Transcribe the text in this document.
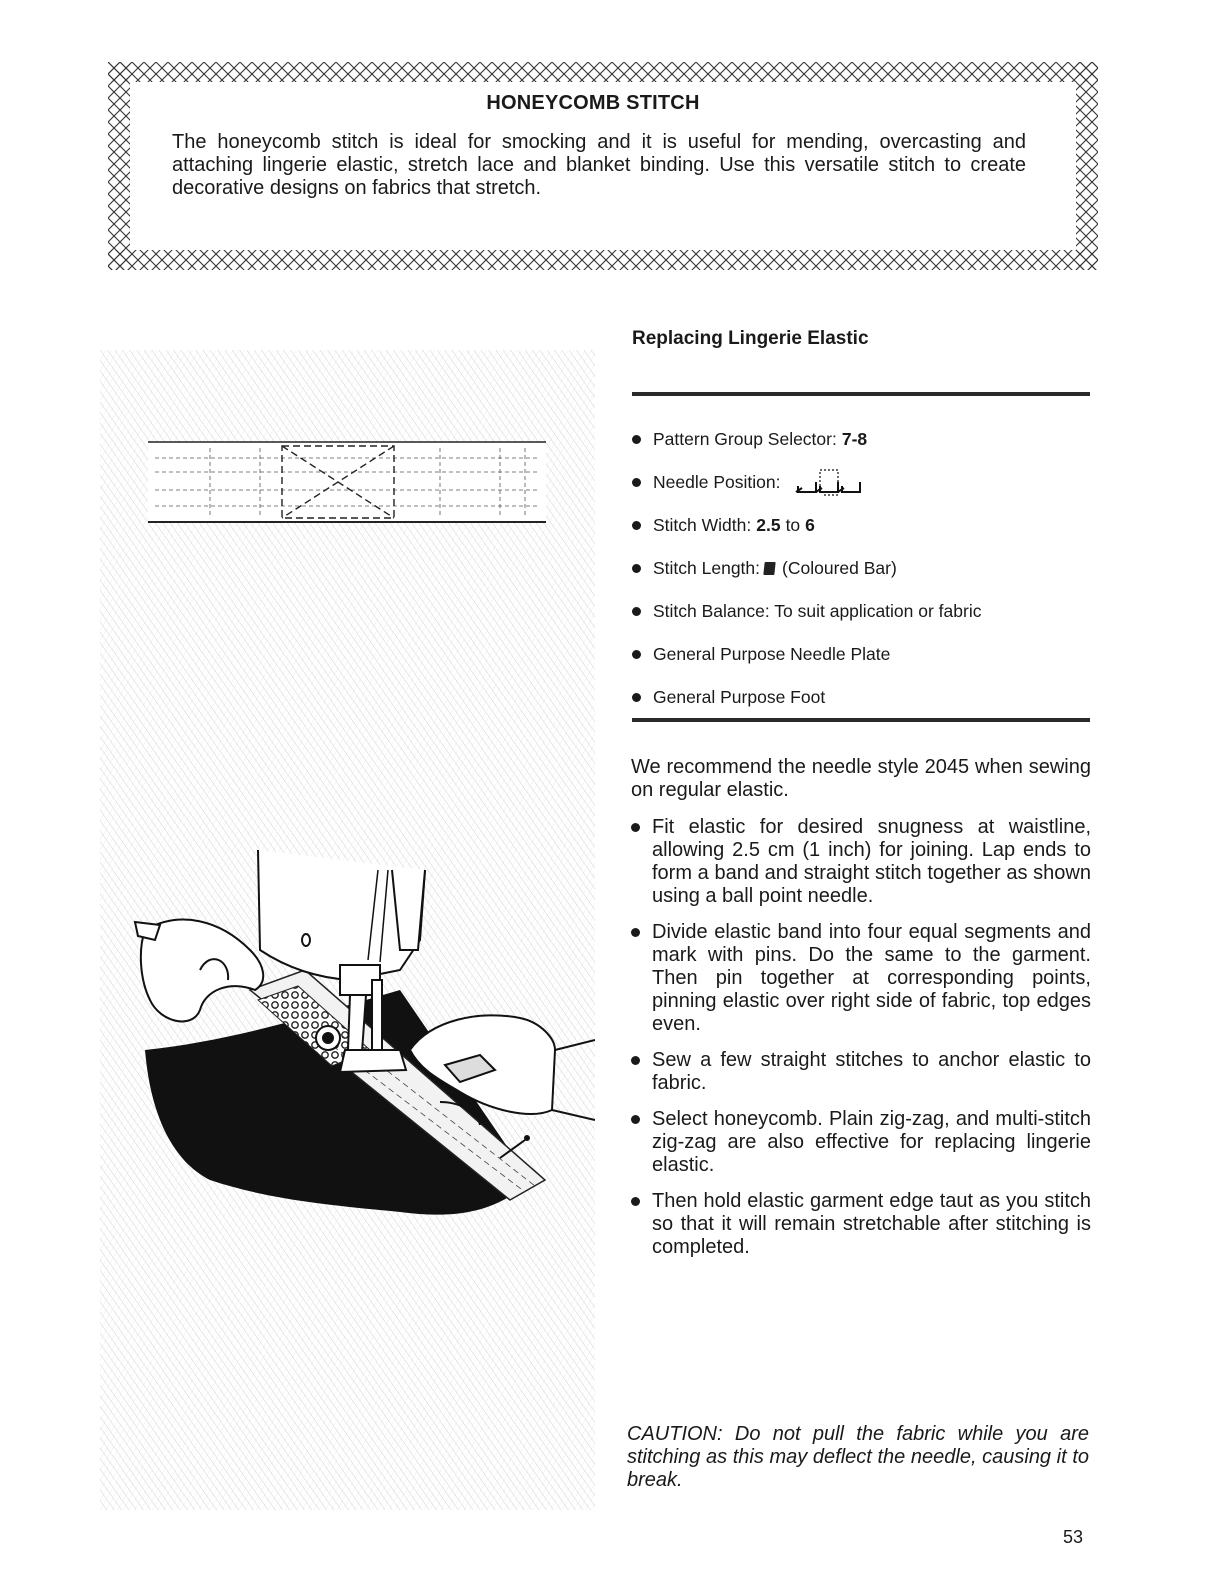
HONEYCOMB STITCH
The honeycomb stitch is ideal for smocking and it is useful for mending, overcasting and attaching lingerie elastic, stretch lace and blanket binding. Use this versatile stitch to create decorative designs on fabrics that stretch.
Replacing Lingerie Elastic
Pattern Group Selector: 7-8
Needle Position:
Stitch Width: 2.5 to 6
Stitch Length: (Coloured Bar)
Stitch Balance: To suit application or fabric
General Purpose Needle Plate
General Purpose Foot
We recommend the needle style 2045 when sewing on regular elastic.
Fit elastic for desired snugness at waistline, allowing 2.5 cm (1 inch) for joining. Lap ends to form a band and straight stitch together as shown using a ball point needle.
Divide elastic band into four equal segments and mark with pins. Do the same to the garment. Then pin together at corresponding points, pinning elastic over right side of fabric, top edges even.
Sew a few straight stitches to anchor elastic to fabric.
Select honeycomb. Plain zig-zag, and multi-stitch zig-zag are also effective for replacing lingerie elastic.
Then hold elastic garment edge taut as you stitch so that it will remain stretchable after stitching is completed.
CAUTION: Do not pull the fabric while you are stitching as this may deflect the needle, causing it to break.
53
